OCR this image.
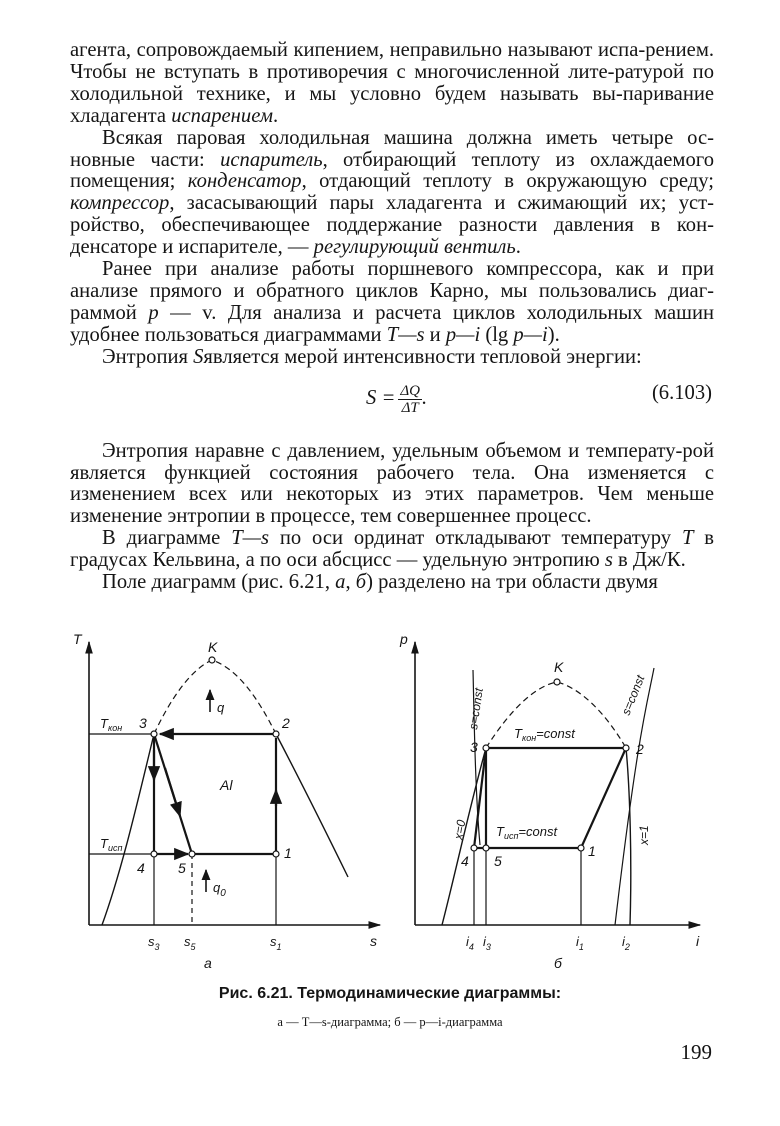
агента, сопровождаемый кипением, неправильно называют испа-рением. Чтобы не вступать в противоречия с многочисленной лите-ратурой по холодильной технике, и мы условно будем называть вы-паривание хладагента испарением.

Всякая паровая холодильная машина должна иметь четыре ос-новные части: испаритель, отбирающий теплоту из охлаждаемого помещения; конденсатор, отдающий теплоту в окружающую среду; компрессор, засасывающий пары хладагента и сжимающий их; уст-ройство, обеспечивающее поддержание разности давления в кон-денсаторе и испарителе, — регулирующий вентиль.

Ранее при анализе работы поршневого компрессора, как и при анализе прямого и обратного циклов Карно, мы пользовались диаг-раммой p — v. Для анализа и расчета циклов холодильных машин удобнее пользоваться диаграммами T—s и p—i (lg p—i).

Энтропия Sявляется мерой интенсивности тепловой энергии:

$S = \frac{\Delta Q}{\Delta T}$ .	(6.103)

Энтропия наравне с давлением, удельным объемом и температу-рой является функцией состояния рабочего тела. Она изменяется с изменением всех или некоторых из этих параметров. Чем меньше изменение энтропии в процессе, тем совершеннее процесс.

В диаграмме T—s по оси ординат откладывают температуру T в градусах Кельвина, а по оси абсцисс — удельную энтропию s в Дж/К.

Поле диаграмм (рис. 6.21, а, б) разделено на три области двумя

T
s
K
q
$q_0$
Al
$T_{кон}$
$T_{исп}$
3	2
4 5
1
$s_3$ $s_5$	$s_1$
a
p
i
K
s=const	s=const
x=0	x=1
$T_{кон}=const$
$T_{исп}=const$
3	2
4 5
1
$i_4$ $i_3$	$i_1$	$i_2$
б
Рис. 6.21. Термодинамические диаграммы:
а — T—s-диаграмма; б — p—i-диаграмма
199
